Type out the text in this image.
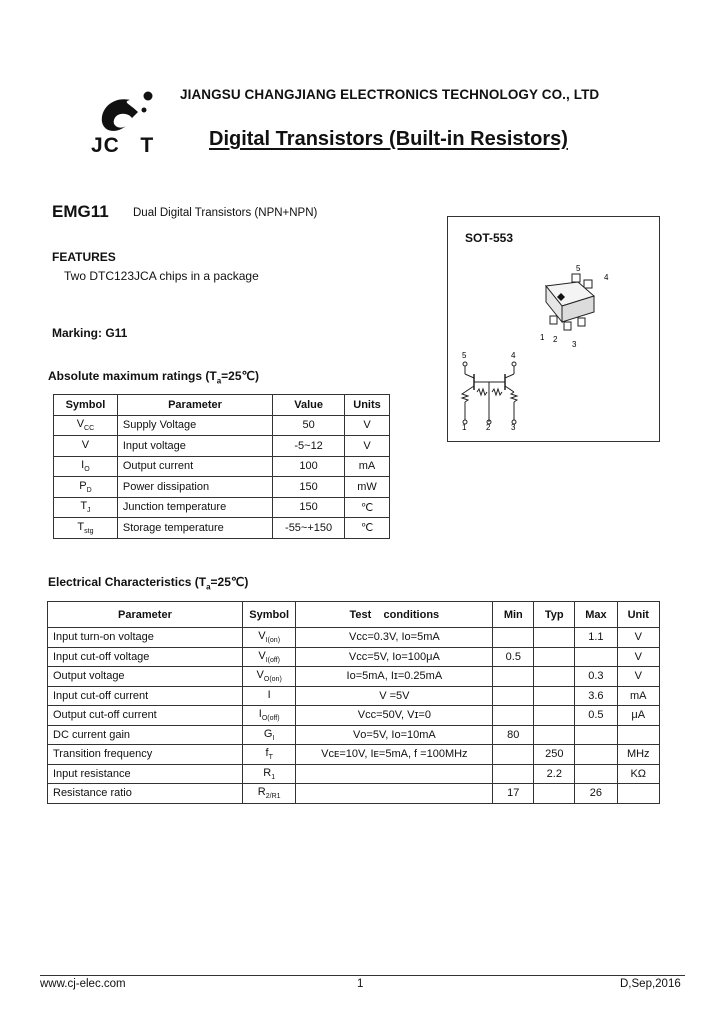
JC   T
JIANGSU CHANGJIANG ELECTRONICS TECHNOLOGY CO., LTD
Digital Transistors (Built-in Resistors)
EMG11 Dual Digital Transistors (NPN+NPN)
FEATURES
Two DTC123JCA chips in a package
Marking: G11
SOT-553
5
4
1 2
3
5	4
1 2	3
Absolute maximum ratings $(T_a=25℃)$
Symbol	Parameter	Value	Units
$V_{CC}$	Supply Voltage	50	V
V	Input voltage	-5~12	V
$I_O$	Output current	100	mA
$P_D$	Power dissipation	150	mW
$T_J$	Junction temperature	150	℃
$T_{stg}$	Storage temperature	-55~+150	℃
Electrical Characteristics $(T_a=25℃)$
Parameter	Symbol	Test    conditions	Min	Typ	Max	Unit
Input turn-on voltage	$V_{I(on)}$	Vᴄᴄ=0.3V, Iᴏ=5mA			1.1	V
Input cut-off voltage	$V_{I(off)}$	Vᴄᴄ=5V, Iᴏ=100μA	0.5			V
Output voltage	$V_{O(on)}$	Iᴏ=5mA, Iɪ=0.25mA			0.3	V
Input cut-off current	I	V =5V			3.6	mA
Output cut-off current	$I_{O(off)}$	Vᴄᴄ=50V, Vɪ=0			0.5	μA
DC current gain	$G_I$	Vᴏ=5V, Iᴏ=10mA	80			
Transition frequency	$f_T$	Vᴄᴇ=10V, Iᴇ=5mA, f =100MHz		250		MHz
Input resistance	$R_1$			2.2		KΩ
Resistance ratio	$R_{2/R1}$		17		26	
www.cj-elec.com	1	D,Sep,2016
